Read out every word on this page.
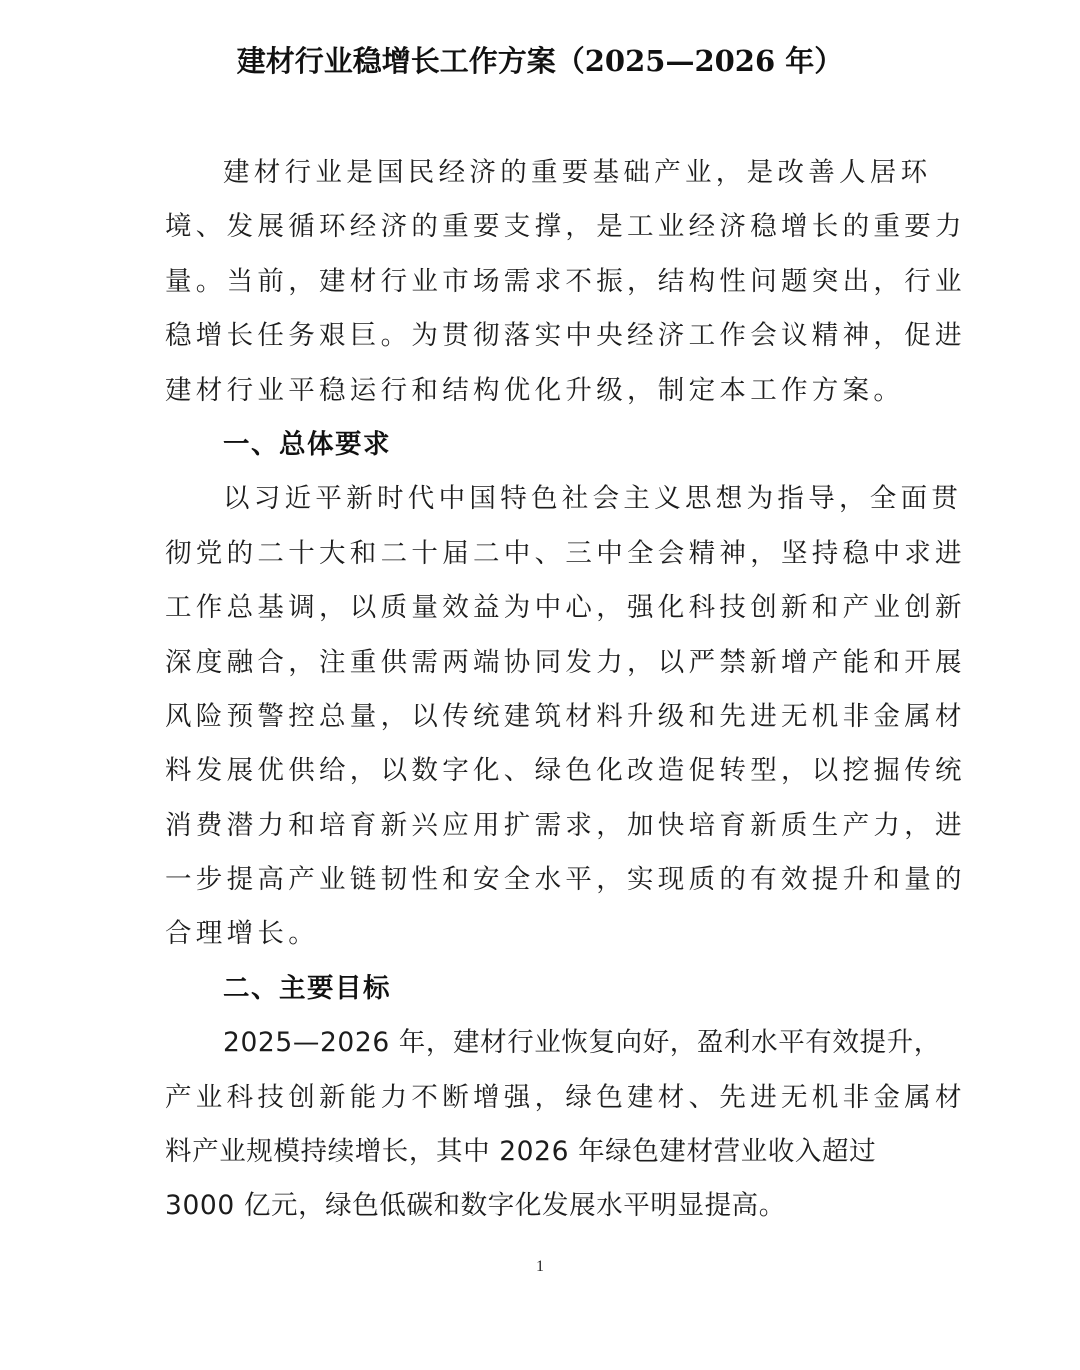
建材行业稳增长工作方案（2025—2026 年）
建材行业是国民经济的重要基础产业，是改善人居环
境、发展循环经济的重要支撑，是工业经济稳增长的重要力
量。当前，建材行业市场需求不振，结构性问题突出，行业
稳增长任务艰巨。为贯彻落实中央经济工作会议精神，促进
建材行业平稳运行和结构优化升级，制定本工作方案。
一、总体要求
以习近平新时代中国特色社会主义思想为指导，全面贯
彻党的二十大和二十届二中、三中全会精神，坚持稳中求进
工作总基调，以质量效益为中心，强化科技创新和产业创新
深度融合，注重供需两端协同发力，以严禁新增产能和开展
风险预警控总量，以传统建筑材料升级和先进无机非金属材
料发展优供给，以数字化、绿色化改造促转型，以挖掘传统
消费潜力和培育新兴应用扩需求，加快培育新质生产力，进
一步提高产业链韧性和安全水平，实现质的有效提升和量的
合理增长。
二、主要目标
2025—2026 年，建材行业恢复向好，盈利水平有效提升，
产业科技创新能力不断增强，绿色建材、先进无机非金属材
料产业规模持续增长，其中 2026 年绿色建材营业收入超过
3000 亿元，绿色低碳和数字化发展水平明显提高。
1
